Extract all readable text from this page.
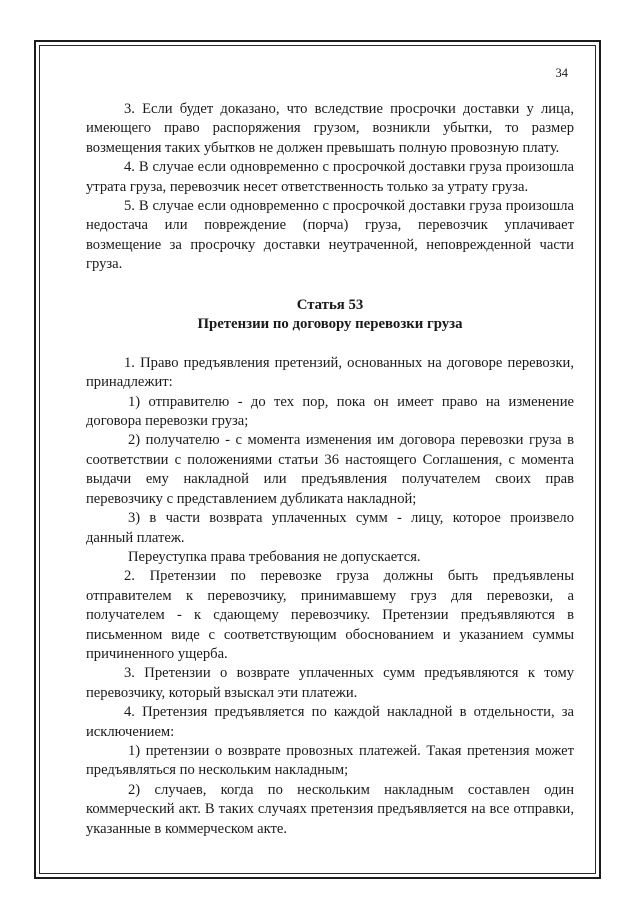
34

3. Если будет доказано, что вследствие просрочки доставки у лица, имеющего право распоряжения грузом, возникли убытки, то размер возмещения таких убытков не должен превышать полную провозную плату.

4. В случае если одновременно с просрочкой доставки груза произошла утрата груза, перевозчик несет ответственность только за утрату груза.

5. В случае если одновременно с просрочкой доставки груза произошла недостача или повреждение (порча) груза, перевозчик уплачивает возмещение за просрочку доставки неутраченной, неповрежденной части груза.

Статья 53
Претензии по договору перевозки груза

1. Право предъявления претензий, основанных на договоре перевозки, принадлежит:

1) отправителю - до тех пор, пока он имеет право на изменение договора перевозки груза;

2) получателю - с момента изменения им договора перевозки груза в соответствии с положениями статьи 36 настоящего Соглашения, с момента выдачи ему накладной или предъявления получателем своих прав перевозчику с представлением дубликата накладной;

3) в части возврата уплаченных сумм - лицу, которое произвело данный платеж.

Переуступка права требования не допускается.

2. Претензии по перевозке груза должны быть предъявлены отправителем к перевозчику, принимавшему груз для перевозки, а получателем - к сдающему перевозчику. Претензии предъявляются в письменном виде с соответствующим обоснованием и указанием суммы причиненного ущерба.

3. Претензии о возврате уплаченных сумм предъявляются к тому перевозчику, который взыскал эти платежи.

4. Претензия предъявляется по каждой накладной в отдельности, за исключением:

1) претензии о возврате провозных платежей. Такая претензия может предъявляться по нескольким накладным;

2) случаев, когда по нескольким накладным составлен один коммерческий акт. В таких случаях претензия предъявляется на все отправки, указанные в коммерческом акте.
